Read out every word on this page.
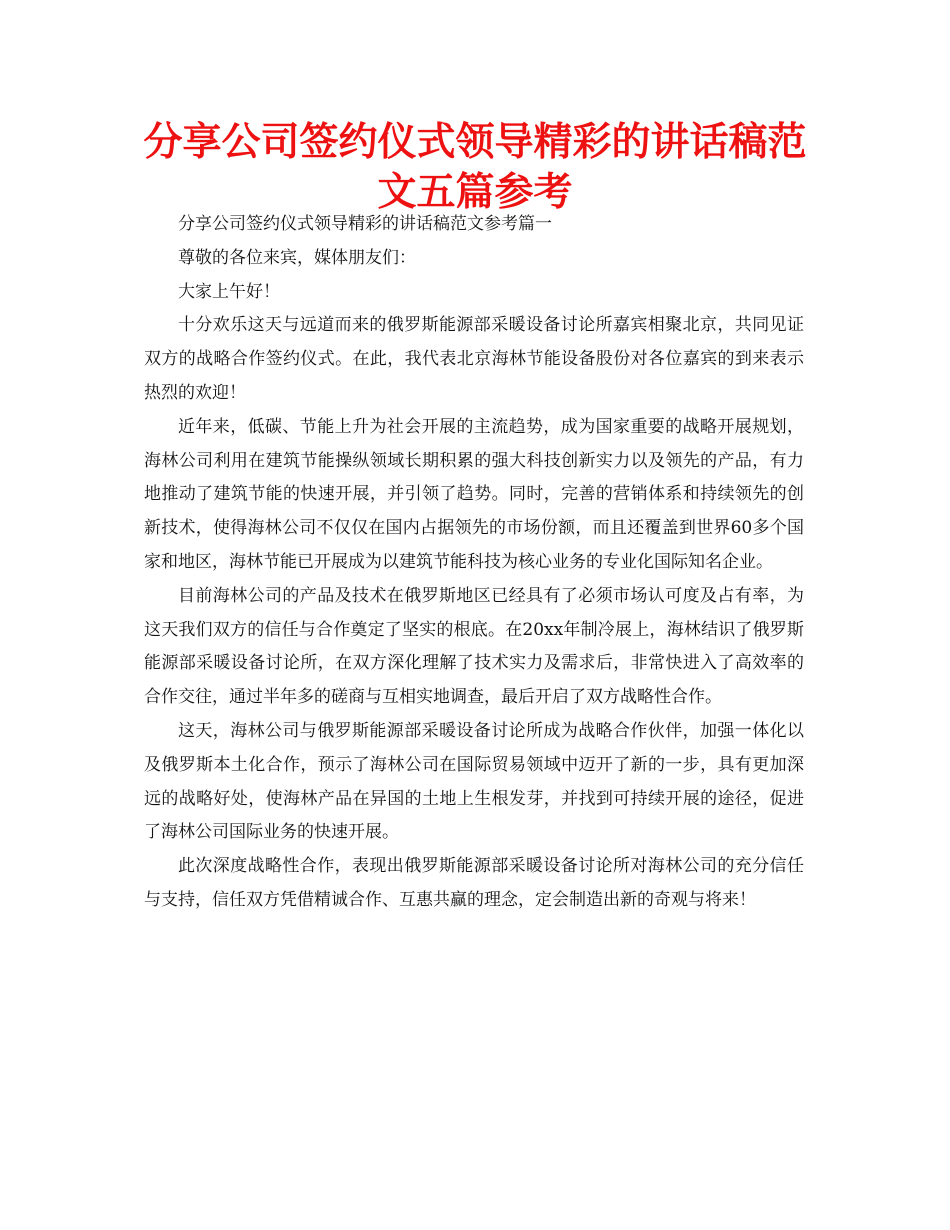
分享公司签约仪式领导精彩的讲话稿范文五篇参考

分享公司签约仪式领导精彩的讲话稿范文参考篇一

尊敬的各位来宾，媒体朋友们：

大家上午好！

十分欢乐这天与远道而来的俄罗斯能源部采暖设备讨论所嘉宾相聚北京，共同见证双方的战略合作签约仪式。在此，我代表北京海林节能设备股份对各位嘉宾的到来表示热烈的欢迎！

近年来，低碳、节能上升为社会开展的主流趋势，成为国家重要的战略开展规划，海林公司利用在建筑节能操纵领域长期积累的强大科技创新实力以及领先的产品，有力地推动了建筑节能的快速开展，并引领了趋势。同时，完善的营销体系和持续领先的创新技术，使得海林公司不仅仅在国内占据领先的市场份额，而且还覆盖到世界60多个国家和地区，海林节能已开展成为以建筑节能科技为核心业务的专业化国际知名企业。

目前海林公司的产品及技术在俄罗斯地区已经具有了必须市场认可度及占有率，为这天我们双方的信任与合作奠定了坚实的根底。在20xx年制冷展上，海林结识了俄罗斯能源部采暖设备讨论所，在双方深化理解了技术实力及需求后，非常快进入了高效率的合作交往，通过半年多的磋商与互相实地调查，最后开启了双方战略性合作。

这天，海林公司与俄罗斯能源部采暖设备讨论所成为战略合作伙伴，加强一体化以及俄罗斯本土化合作，预示了海林公司在国际贸易领域中迈开了新的一步，具有更加深远的战略好处，使海林产品在异国的土地上生根发芽，并找到可持续开展的途径，促进了海林公司国际业务的快速开展。

此次深度战略性合作，表现出俄罗斯能源部采暖设备讨论所对海林公司的充分信任与支持，信任双方凭借精诚合作、互惠共赢的理念，定会制造出新的奇观与将来！
